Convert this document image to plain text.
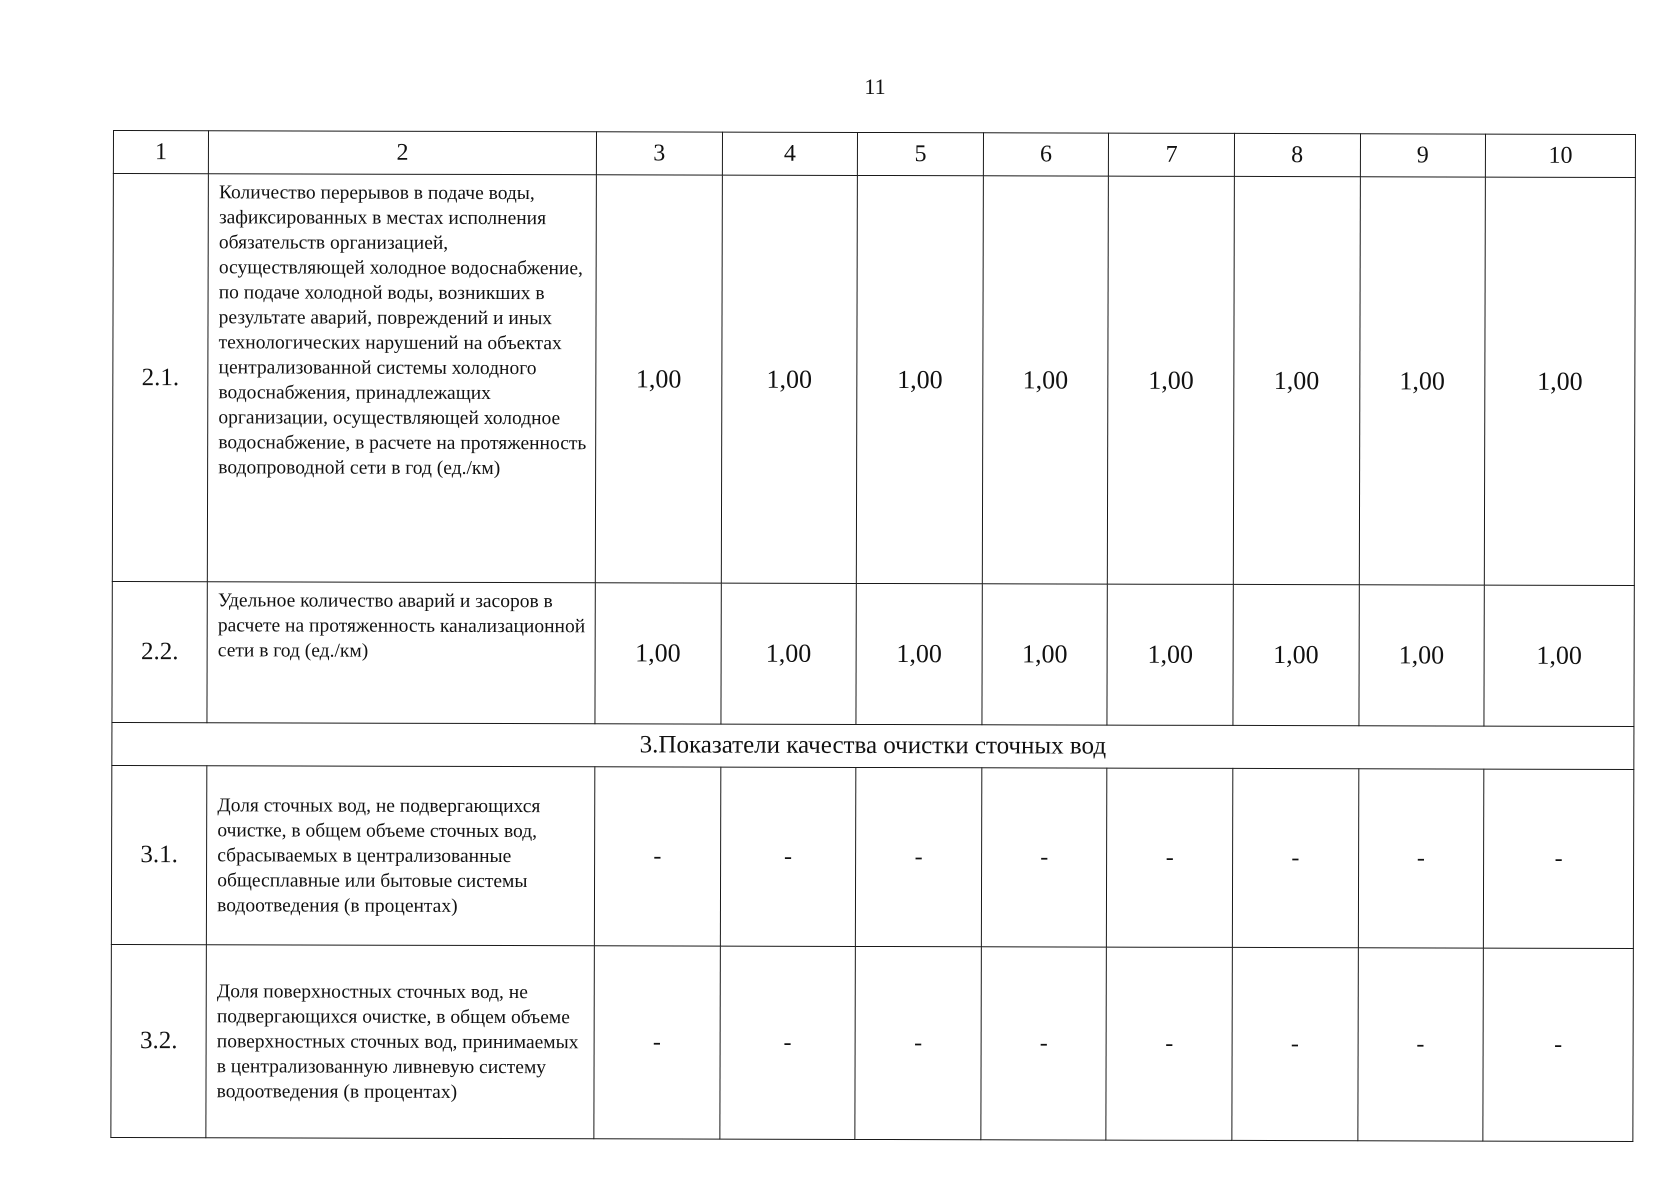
11
1	2	3	4	5	6	7	8	9	10
2.1.	Количество перерывов в подаче воды, зафиксированных в местах исполнения обязательств организацией, осуществляющей холодное водоснабжение, по подаче холодной воды, возникших в результате аварий, повреждений и иных технологических нарушений на объектах централизованной системы холодного водоснабжения, принадлежащих организации, осуществляющей холодное водоснабжение, в расчете на протяженность водопроводной сети в год (ед./км)	1,00	1,00	1,00	1,00	1,00	1,00	1,00	1,00
2.2.	Удельное количество аварий и засоров в расчете на протяженность канализационной сети в год (ед./км)	1,00	1,00	1,00	1,00	1,00	1,00	1,00	1,00
3.Показатели качества очистки сточных вод									
3.1.	Доля сточных вод, не подвергающихся очистке, в общем объеме сточных вод, сбрасываемых в централизованные общесплавные или бытовые системы водоотведения (в процентах)	-	-	-	-	-	-	-	-
3.2.	Доля поверхностных сточных вод, не подвергающихся очистке, в общем объеме поверхностных сточных вод, принимаемых в централизованную ливневую систему водоотведения (в процентах)	-	-	-	-	-	-	-	-
